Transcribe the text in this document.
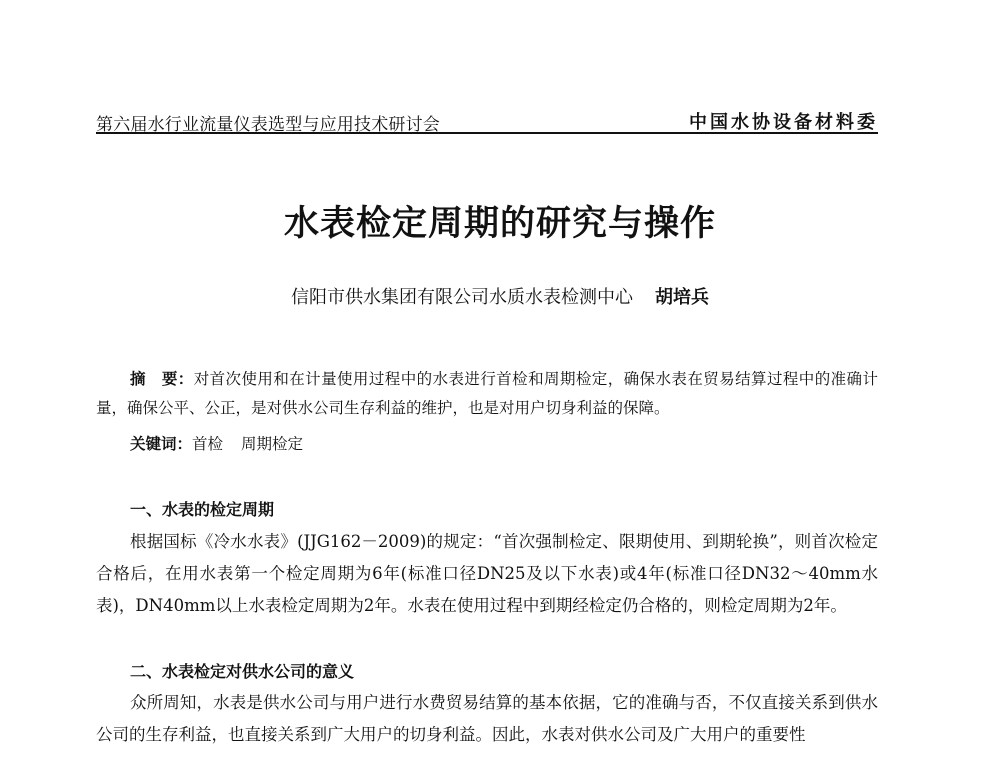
第六届水行业流量仪表选型与应用技术研讨会	中国水协设备材料委
水表检定周期的研究与操作
信阳市供水集团有限公司水质水表检测中心 胡培兵

摘　要：对首次使用和在计量使用过程中的水表进行首检和周期检定，确保水表在贸易结算过程中的准确计量，确保公平、公正，是对供水公司生存利益的维护，也是对用户切身利益的保障。

关键词：首检 周期检定

一、水表的检定周期

根据国标《冷水水表》(JJG162－2009)的规定：“首次强制检定、限期使用、到期轮换”，则首次检定合格后，在用水表第一个检定周期为6年(标准口径DN25及以下水表)或4年(标准口径DN32～40mm水表)，DN40mm以上水表检定周期为2年。水表在使用过程中到期经检定仍合格的，则检定周期为2年。

二、水表检定对供水公司的意义

众所周知，水表是供水公司与用户进行水费贸易结算的基本依据，它的准确与否，不仅直接关系到供水公司的生存利益，也直接关系到广大用户的切身利益。因此，水表对供水公司及广大用户的重要性
